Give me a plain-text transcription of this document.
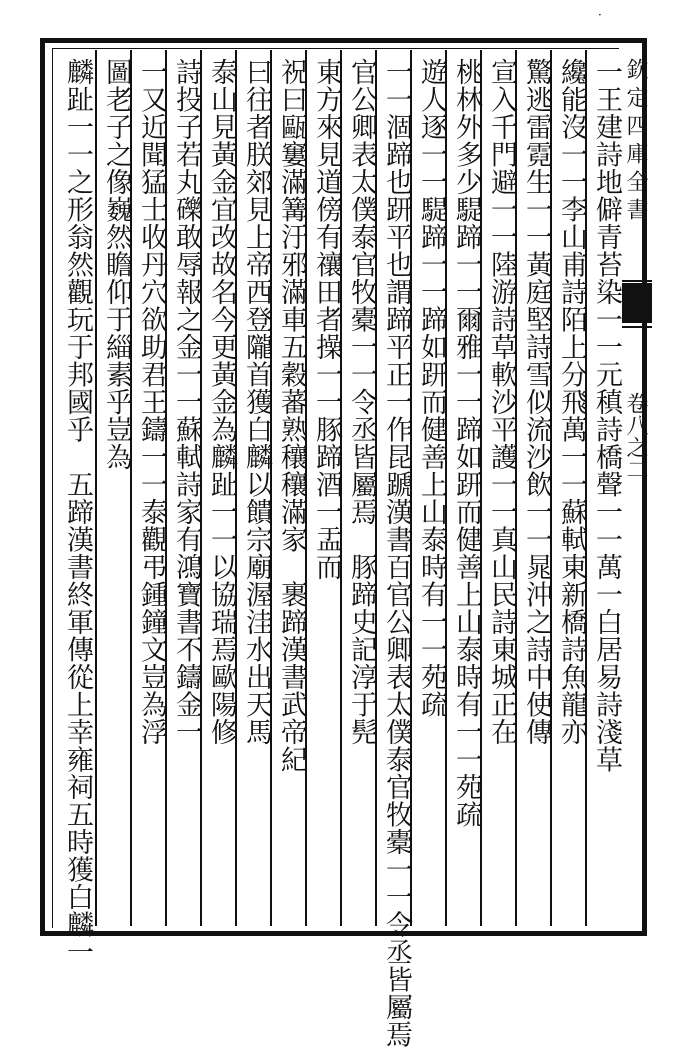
·
欽定四庫全書
卷八之二
一王建詩地僻青苔染一一元稹詩橋聲一一萬一白居易詩淺草
纔能沒一一李山甫詩陌上分飛萬一一蘇軾東新橋詩魚龍亦
驚逃雷霓生一一黃庭堅詩雪似流沙飲一一晁沖之詩中使傳
宣入千門避一一陸游詩草軟沙平護一一真山民詩東城正在
桃林外多少騠蹄一一爾雅一一蹄如趼而健善上山泰時有一一苑疏
遊人逐一一騠蹄一一蹄如趼而健善上山泰時有一一苑疏
一一涸蹄也趼平也謂蹄平正一作昆蹏漢書百官公卿表太僕泰官牧橐一一令丞皆屬焉
官公卿表太僕泰官牧橐一一令丞皆屬焉　豚蹄史記淳于髡
東方來見道傍有禳田者操一一豚蹄酒一盂而
祝曰甌窶滿篝汙邪滿車五穀蕃熟穰穰滿家　裹蹄漢書武帝紀
曰往者朕郊見上帝西登隴首獲白麟以饋宗廟渥洼水出天馬
泰山見黃金宜改故名今更黃金為麟趾一一以協瑞焉歐陽修
詩投子若丸礫敢辱報之金一一蘇軾詩家有鴻寶書不鑄金一
一又近聞猛士收丹穴欲助君王鑄一一泰觀弔鍾鐘文豈為浮
圖老子之像巍然瞻仰于緇素乎豈為
麟趾一一之形翁然觀玩于邦國乎　五蹄漢書終軍傳從上幸雍祠五時獲白麟一
